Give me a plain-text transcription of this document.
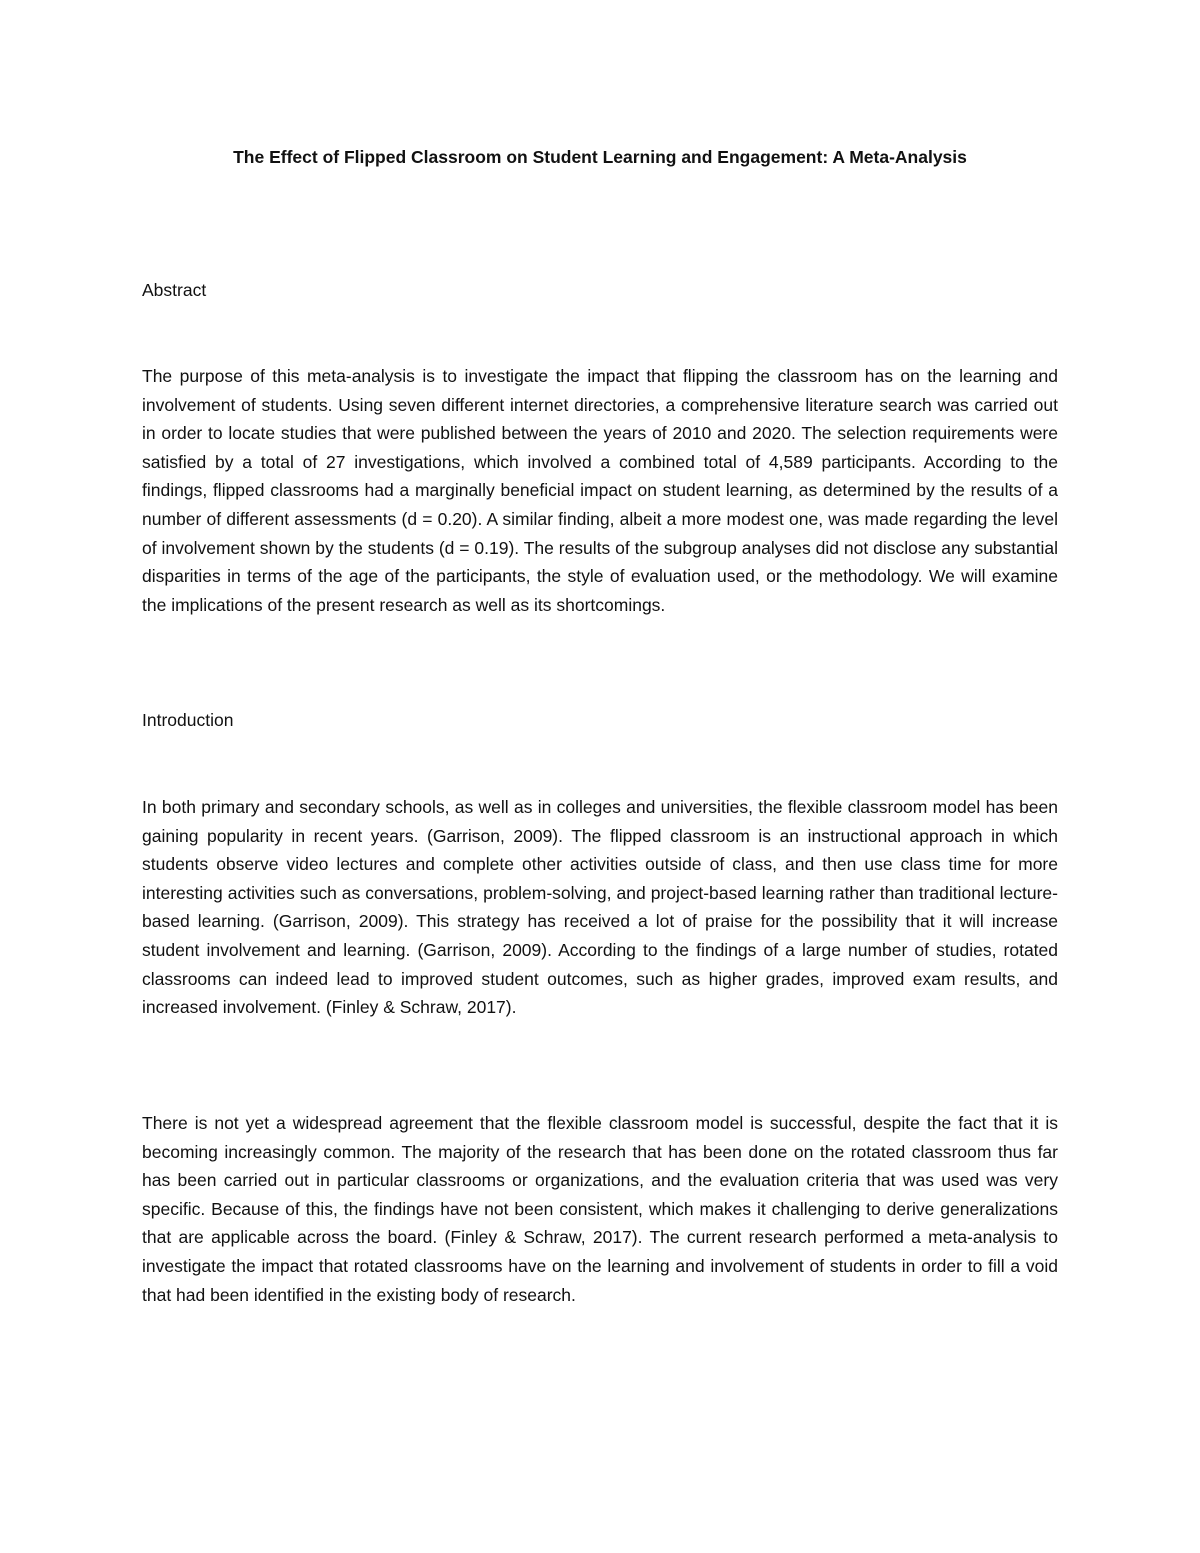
The Effect of Flipped Classroom on Student Learning and Engagement: A Meta-Analysis
Abstract

The purpose of this meta-analysis is to investigate the impact that flipping the classroom has on the learning and involvement of students. Using seven different internet directories, a comprehensive literature search was carried out in order to locate studies that were published between the years of 2010 and 2020. The selection requirements were satisfied by a total of 27 investigations, which involved a combined total of 4,589 participants. According to the findings, flipped classrooms had a marginally beneficial impact on student learning, as determined by the results of a number of different assessments (d = 0.20). A similar finding, albeit a more modest one, was made regarding the level of involvement shown by the students (d = 0.19). The results of the subgroup analyses did not disclose any substantial disparities in terms of the age of the participants, the style of evaluation used, or the methodology. We will examine the implications of the present research as well as its shortcomings.

Introduction

In both primary and secondary schools, as well as in colleges and universities, the flexible classroom model has been gaining popularity in recent years. (Garrison, 2009). The flipped classroom is an instructional approach in which students observe video lectures and complete other activities outside of class, and then use class time for more interesting activities such as conversations, problem-solving, and project-based learning rather than traditional lecture-based learning. (Garrison, 2009). This strategy has received a lot of praise for the possibility that it will increase student involvement and learning. (Garrison, 2009). According to the findings of a large number of studies, rotated classrooms can indeed lead to improved student outcomes, such as higher grades, improved exam results, and increased involvement. (Finley & Schraw, 2017).

There is not yet a widespread agreement that the flexible classroom model is successful, despite the fact that it is becoming increasingly common. The majority of the research that has been done on the rotated classroom thus far has been carried out in particular classrooms or organizations, and the evaluation criteria that was used was very specific. Because of this, the findings have not been consistent, which makes it challenging to derive generalizations that are applicable across the board. (Finley & Schraw, 2017). The current research performed a meta-analysis to investigate the impact that rotated classrooms have on the learning and involvement of students in order to fill a void that had been identified in the existing body of research.
